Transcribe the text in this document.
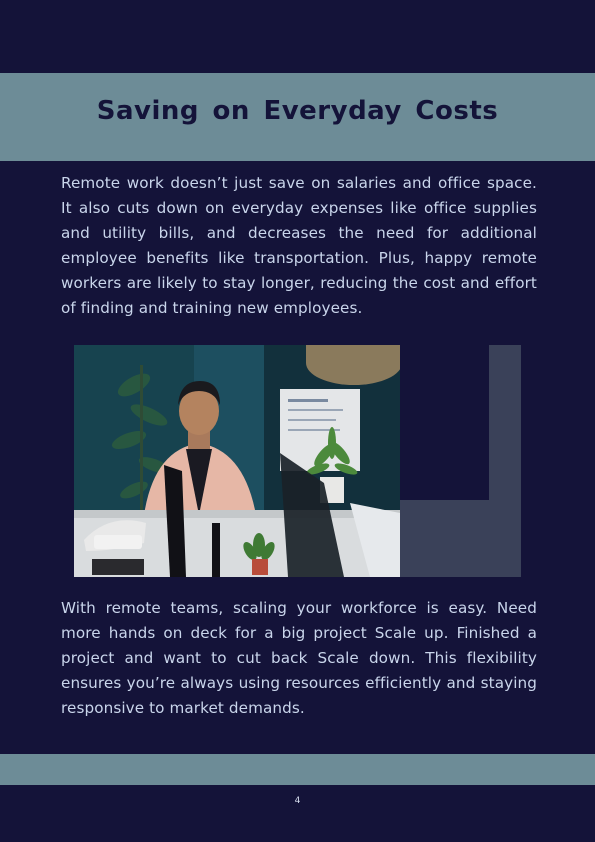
Saving on Everyday Costs

Remote work doesn’t just save on salaries and office space. It also cuts down on everyday expenses like office supplies and utility bills, and decreases the need for additional employee benefits like transportation. Plus, happy remote workers are likely to stay longer, reducing the cost and effort of finding and training new employees.

With remote teams, scaling your workforce is easy. Need more hands on deck for a big project Scale up. Finished a project and want to cut back Scale down. This flexibility ensures you’re always using resources efficiently and staying responsive to market demands.

4
